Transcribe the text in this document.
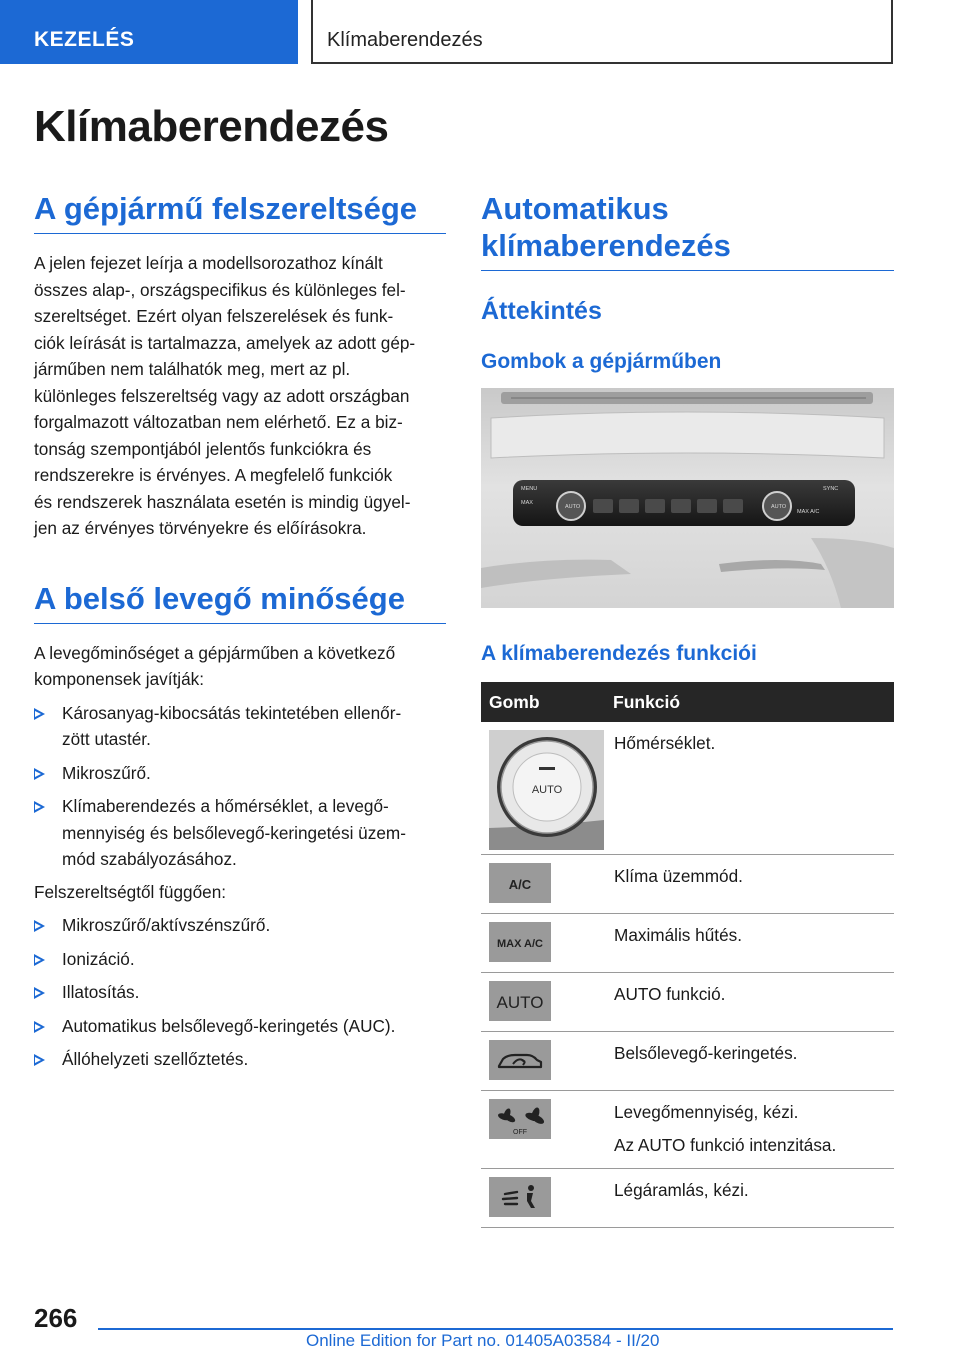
KEZELÉS	Klímaberendezés
Klímaberendezés
A gépjármű felszereltsége

A jelen fejezet leírja a modellsorozathoz kínált
összes alap-, országspecifikus és különleges fel-
szereltséget. Ezért olyan felszerelések és funk-
ciók leírását is tartalmazza, amelyek az adott gép-
járműben nem találhatók meg, mert az pl.
különleges felszereltség vagy az adott országban
forgalmazott változatban nem elérhető. Ez a biz-
tonság szempontjából jelentős funkciókra és
rendszerekre is érvényes. A megfelelő funkciók
és rendszerek használata esetén is mindig ügyel-
jen az érvényes törvényekre és előírásokra.

A belső levegő minősége

A levegőminőséget a gépjárműben a következő
komponensek javítják:

Károsanyag-kibocsátás tekintetében ellenőr-
zött utastér.
Mikroszűrő.
Klímaberendezés a hőmérséklet, a levegő-
mennyiség és belsőlevegő-keringetési üzem-
mód szabályozásához.

Felszereltségtől függően:

Mikroszűrő/aktívszénszűrő.
Ionizáció.
Illatosítás.
Automatikus belsőlevegő-keringetés (AUC).
Állóhelyzeti szellőztetés.
Automatikus
klímaberendezés
Áttekintés
Gombok a gépjárműben
MENU
MAX
AUTO
SYNC
MAX A/C
AUTO
A klímaberendezés funkciói
Gomb	Funkció

AUTO	Hőmérséklet.

A/C	Klíma üzemmód.

MAX A/C	Maximális hűtés.

AUTO	AUTO funkció.

Belsőlevegő-keringetés.

OFF	Levegőmennyiség, kézi.

Az AUTO funkció intenzitása.

Légáramlás, kézi.

266
Online Edition for Part no. 01405A03584 - II/20
